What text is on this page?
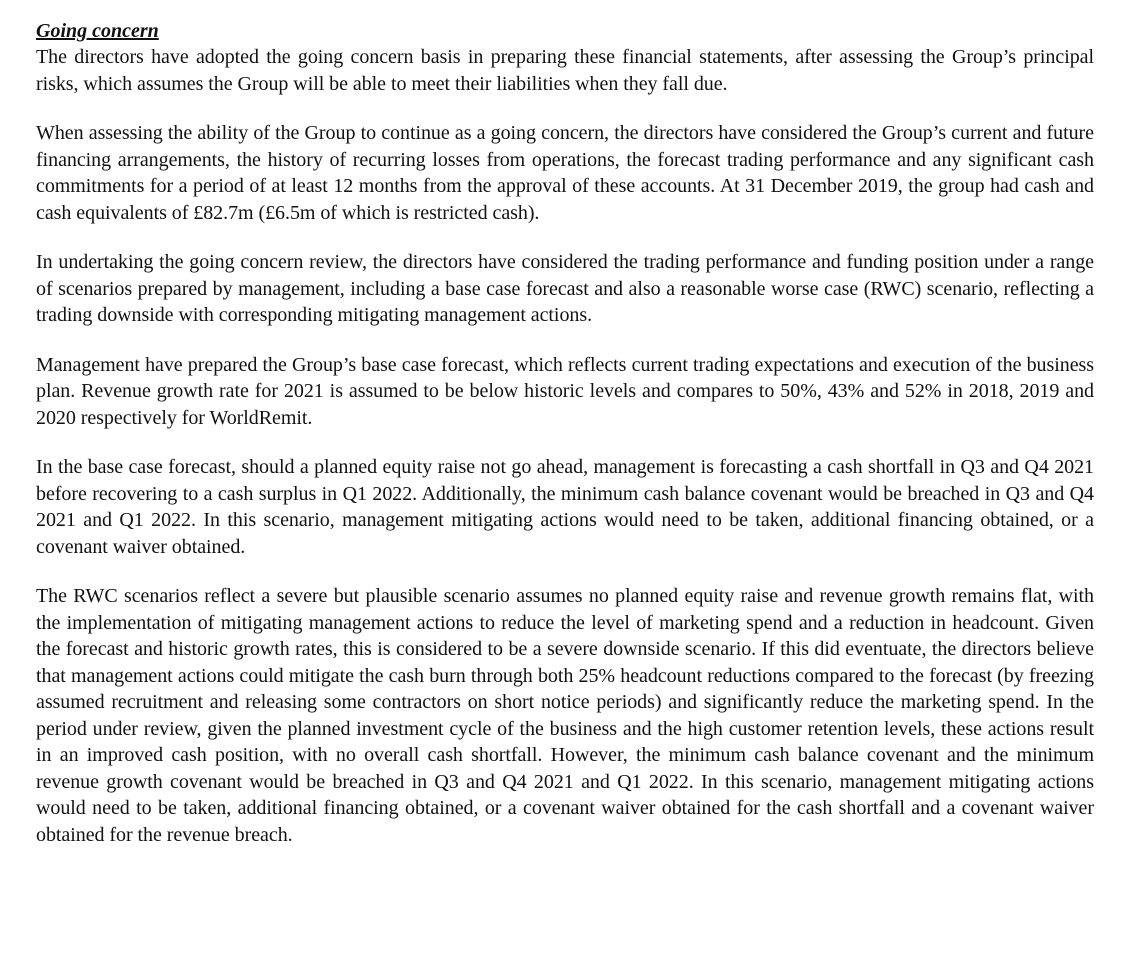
Going concern

The directors have adopted the going concern basis in preparing these financial statements, after assessing the Group’s principal risks, which assumes the Group will be able to meet their liabilities when they fall due.

When assessing the ability of the Group to continue as a going concern, the directors have considered the Group’s current and future financing arrangements, the history of recurring losses from operations, the forecast trading performance and any significant cash commitments for a period of at least 12 months from the approval of these accounts. At 31 December 2019, the group had cash and cash equivalents of £82.7m (£6.5m of which is restricted cash).

In undertaking the going concern review, the directors have considered the trading performance and funding position under a range of scenarios prepared by management, including a base case forecast and also a reasonable worse case (RWC) scenario, reflecting a trading downside with corresponding mitigating management actions.

Management have prepared the Group’s base case forecast, which reflects current trading expectations and execution of the business plan. Revenue growth rate for 2021 is assumed to be below historic levels and compares to 50%, 43% and 52% in 2018, 2019 and 2020 respectively for WorldRemit.

In the base case forecast, should a planned equity raise not go ahead, management is forecasting a cash shortfall in Q3 and Q4 2021 before recovering to a cash surplus in Q1 2022. Additionally, the minimum cash balance covenant would be breached in Q3 and Q4 2021 and Q1 2022. In this scenario, management mitigating actions would need to be taken, additional financing obtained, or a covenant waiver obtained.

The RWC scenarios reflect a severe but plausible scenario assumes no planned equity raise and revenue growth remains flat, with the implementation of mitigating management actions to reduce the level of marketing spend and a reduction in headcount. Given the forecast and historic growth rates, this is considered to be a severe downside scenario. If this did eventuate, the directors believe that management actions could mitigate the cash burn through both 25% headcount reductions compared to the forecast (by freezing assumed recruitment and releasing some contractors on short notice periods) and significantly reduce the marketing spend. In the period under review, given the planned investment cycle of the business and the high customer retention levels, these actions result in an improved cash position, with no overall cash shortfall. However, the minimum cash balance covenant and the minimum revenue growth covenant would be breached in Q3 and Q4 2021 and Q1 2022. In this scenario, management mitigating actions would need to be taken, additional financing obtained, or a covenant waiver obtained for the cash shortfall and a covenant waiver obtained for the revenue breach.
